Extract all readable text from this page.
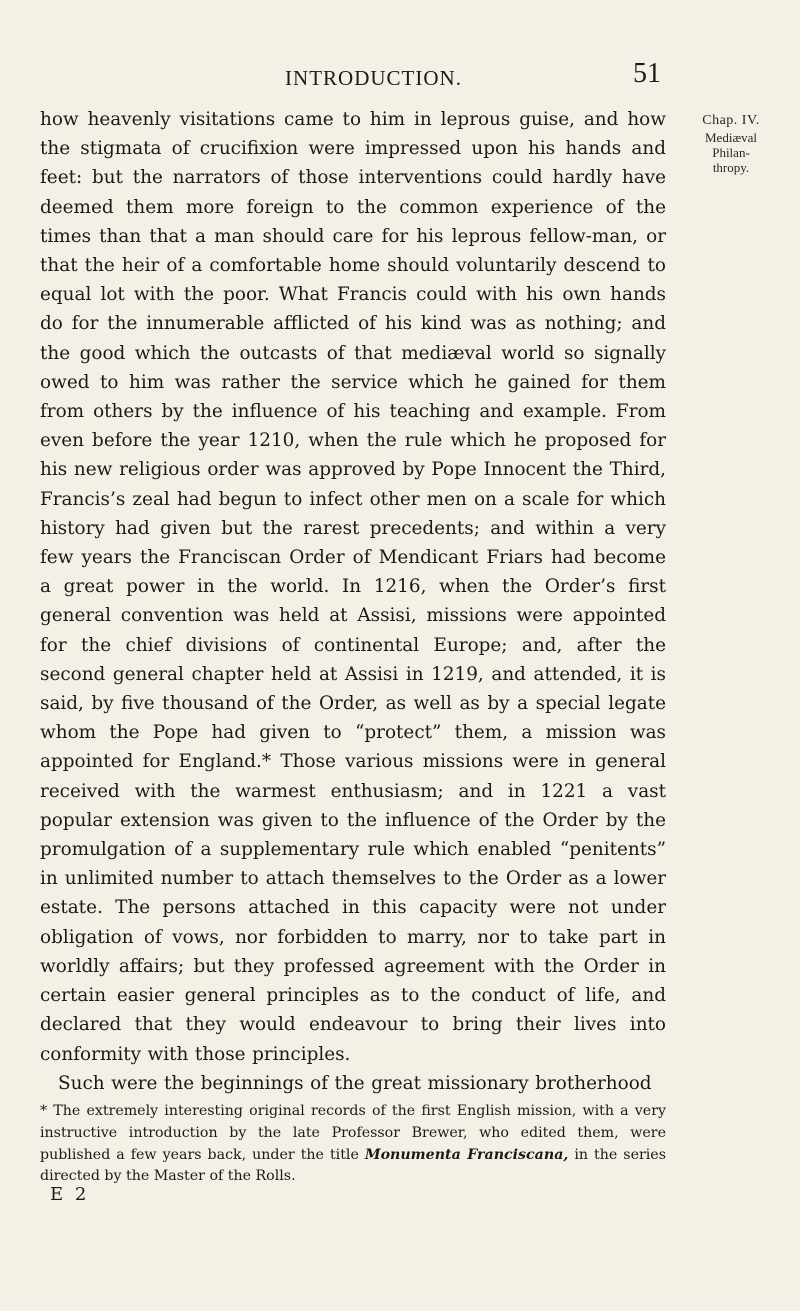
INTRODUCTION.	51

how heavenly visitations came to him in leprous guise, and how the stigmata of crucifixion were impressed upon his hands and feet: but the narrators of those interventions could hardly have deemed them more foreign to the common experience of the times than that a man should care for his leprous fellow-man, or that the heir of a comfortable home should voluntarily descend to equal lot with the poor. What Francis could with his own hands do for the innumerable afflicted of his kind was as nothing; and the good which the outcasts of that mediæval world so signally owed to him was rather the service which he gained for them from others by the influence of his teaching and example. From even before the year 1210, when the rule which he proposed for his new religious order was approved by Pope Innocent the Third, Francis’s zeal had begun to infect other men on a scale for which history had given but the rarest precedents; and within a very few years the Franciscan Order of Mendicant Friars had become a great power in the world. In 1216, when the Order’s first general convention was held at Assisi, missions were appointed for the chief divisions of continental Europe; and, after the second general chapter held at Assisi in 1219, and attended, it is said, by five thousand of the Order, as well as by a special legate whom the Pope had given to “protect” them, a mission was appointed for England.* Those various missions were in general received with the warmest enthusiasm; and in 1221 a vast popular extension was given to the influence of the Order by the promulgation of a supplementary rule which enabled “penitents” in unlimited number to attach themselves to the Order as a lower estate. The persons attached in this capacity were not under obligation of vows, nor forbidden to marry, nor to take part in worldly affairs; but they professed agreement with the Order in certain easier general principles as to the conduct of life, and declared that they would endeavour to bring their lives into conformity with those principles.

Such were the beginnings of the great missionary brotherhood

Chap. IV.
Mediæval
Philan-
thropy.
* The extremely interesting original records of the first English mission, with a very instructive introduction by the late Professor Brewer, who edited them, were published a few years back, under the title Monumenta Franciscana, in the series directed by the Master of the Rolls.
E 2
